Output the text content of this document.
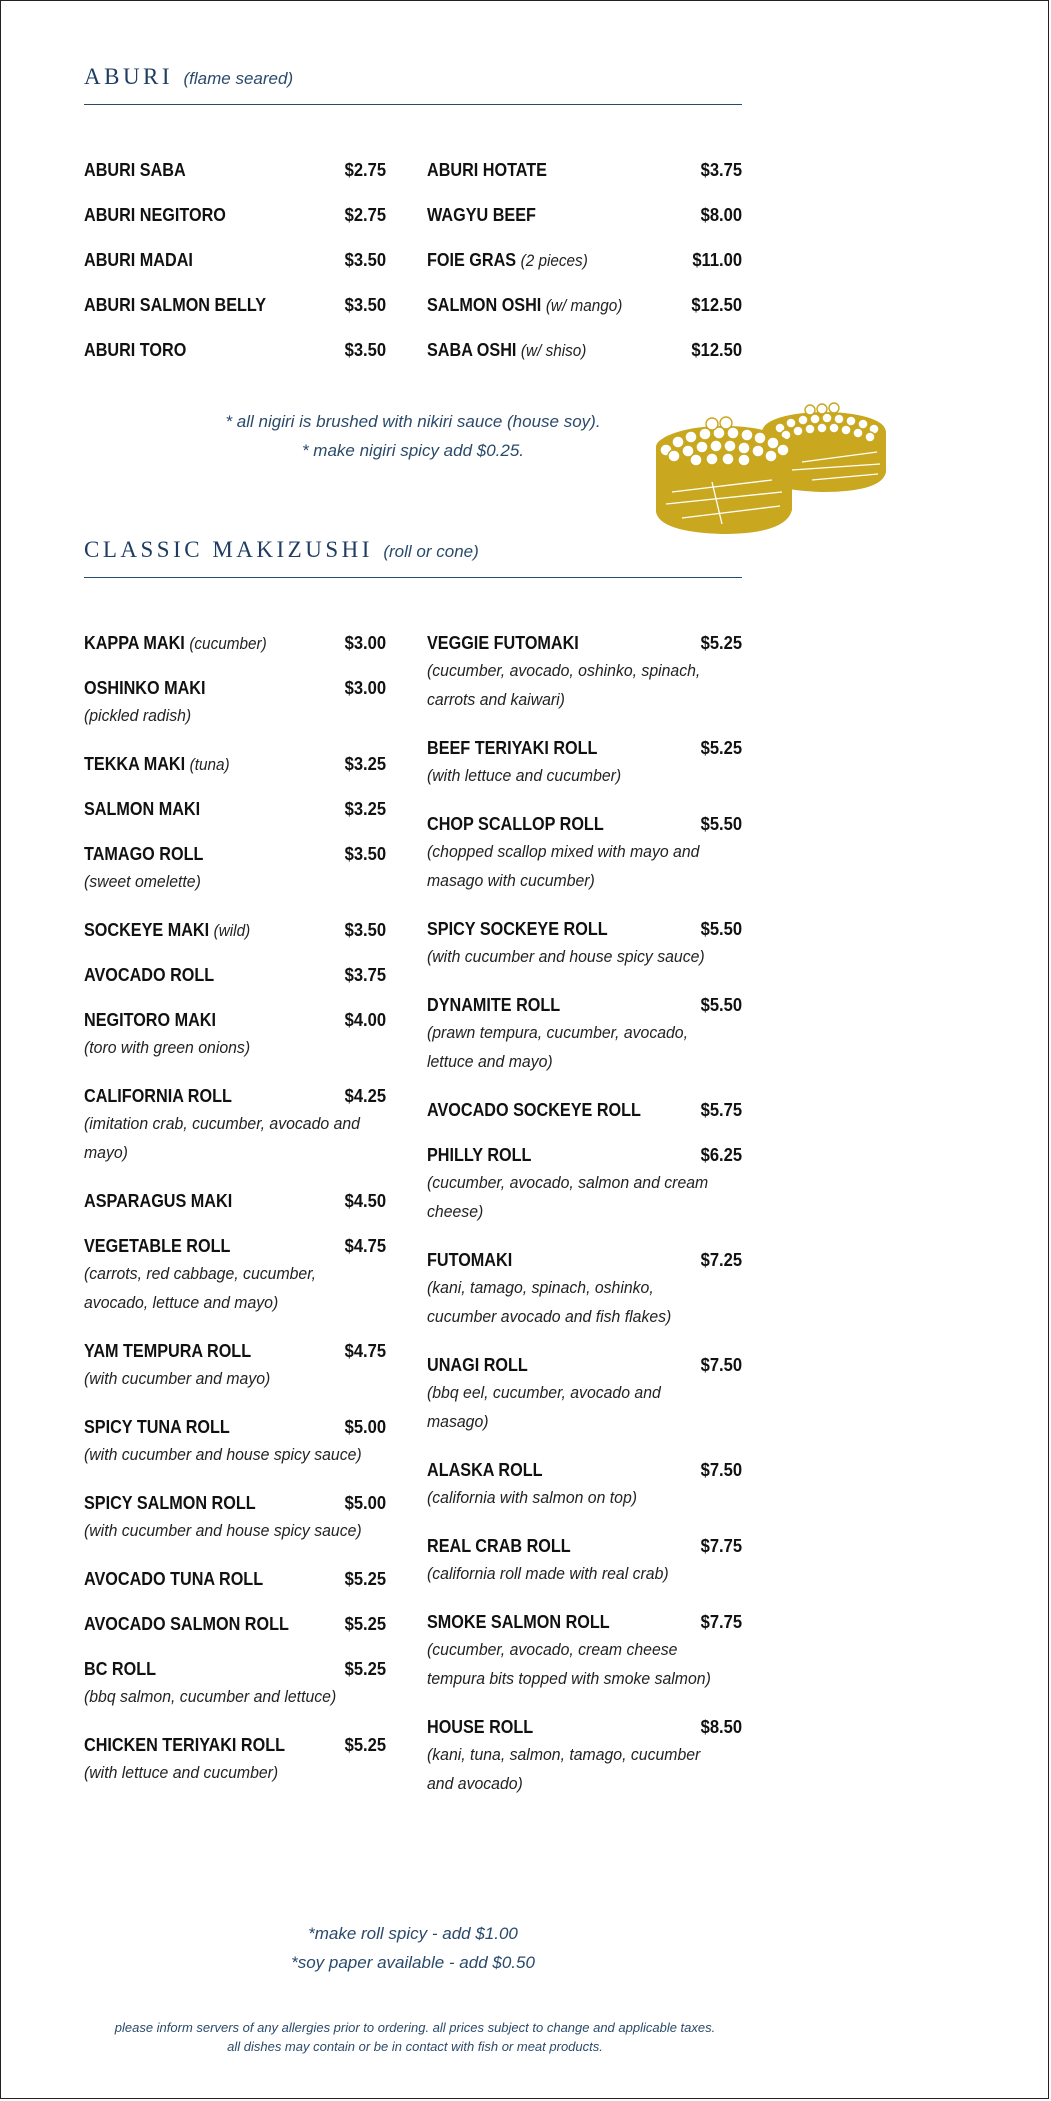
ABURI (flame seared)
ABURI SABA	$2.75
ABURI NEGITORO	$2.75
ABURI MADAI	$3.50
ABURI SALMON BELLY	$3.50
ABURI TORO	$3.50
ABURI HOTATE	$3.75
WAGYU BEEF	$8.00
FOIE GRAS (2 pieces)	$11.00
SALMON OSHI (w/ mango)	$12.50
SABA OSHI (w/ shiso)	$12.50
* all nigiri is brushed with nikiri sauce (house soy).
* make nigiri spicy add $0.25.
CLASSIC MAKIZUSHI (roll or cone)
KAPPA MAKI (cucumber)	$3.00
OSHINKO MAKI	$3.00
(pickled radish)
TEKKA MAKI (tuna)	$3.25
SALMON MAKI	$3.25
TAMAGO ROLL	$3.50
(sweet omelette)
SOCKEYE MAKI (wild)	$3.50
AVOCADO ROLL	$3.75
NEGITORO MAKI	$4.00
(toro with green onions)
CALIFORNIA ROLL	$4.25
(imitation crab, cucumber, avocado and mayo)
ASPARAGUS MAKI	$4.50
VEGETABLE ROLL	$4.75
(carrots, red cabbage, cucumber, avocado, lettuce and mayo)
YAM TEMPURA ROLL	$4.75
(with cucumber and mayo)
SPICY TUNA ROLL	$5.00
(with cucumber and house spicy sauce)
SPICY SALMON ROLL	$5.00
(with cucumber and house spicy sauce)
AVOCADO TUNA ROLL	$5.25
AVOCADO SALMON ROLL	$5.25
BC ROLL	$5.25
(bbq salmon, cucumber and lettuce)
CHICKEN TERIYAKI ROLL	$5.25
(with lettuce and cucumber)
VEGGIE FUTOMAKI	$5.25
(cucumber, avocado, oshinko, spinach, carrots and kaiwari)
BEEF TERIYAKI ROLL	$5.25
(with lettuce and cucumber)
CHOP SCALLOP ROLL	$5.50
(chopped scallop mixed with mayo and masago with cucumber)
SPICY SOCKEYE ROLL	$5.50
(with cucumber and house spicy sauce)
DYNAMITE ROLL	$5.50
(prawn tempura, cucumber, avocado, lettuce and mayo)
AVOCADO SOCKEYE ROLL	$5.75
PHILLY ROLL	$6.25
(cucumber, avocado, salmon and cream cheese)
FUTOMAKI	$7.25
(kani, tamago, spinach, oshinko, cucumber avocado and fish flakes)
UNAGI ROLL	$7.50
(bbq eel, cucumber, avocado and masago)
ALASKA ROLL	$7.50
(california with salmon on top)
REAL CRAB ROLL	$7.75
(california roll made with real crab)
SMOKE SALMON ROLL	$7.75
(cucumber, avocado, cream cheese tempura bits topped with smoke salmon)
HOUSE ROLL	$8.50
(kani, tuna, salmon, tamago, cucumber and avocado)
*make roll spicy - add $1.00
*soy paper available - add $0.50
please inform servers of any allergies prior to ordering. all prices subject to change and applicable taxes.
all dishes may contain or be in contact with fish or meat products.
